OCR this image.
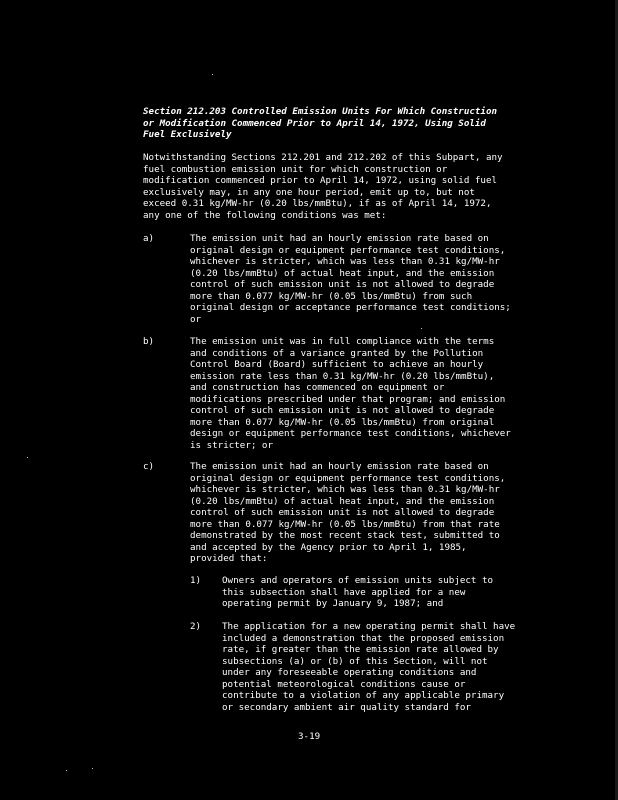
Section 212.203 Controlled Emission Units For Which Construction
or Modification Commenced Prior to April 14, 1972, Using Solid
Fuel Exclusively
Notwithstanding Sections 212.201 and 212.202 of this Subpart, any
fuel combustion emission unit for which construction or
modification commenced prior to April 14, 1972, using solid fuel
exclusively may, in any one hour period, emit up to, but not
exceed 0.31 kg/MW-hr (0.20 lbs/mmBtu), if as of April 14, 1972,
any one of the following conditions was met:
a)	The emission unit had an hourly emission rate based on
original design or equipment performance test conditions,
whichever is stricter, which was less than 0.31 kg/MW-hr
(0.20 lbs/mmBtu) of actual heat input, and the emission
control of such emission unit is not allowed to degrade
more than 0.077 kg/MW-hr (0.05 lbs/mmBtu) from such
original design or acceptance performance test conditions;
or
b)	The emission unit was in full compliance with the terms
and conditions of a variance granted by the Pollution
Control Board (Board) sufficient to achieve an hourly
emission rate less than 0.31 kg/MW-hr (0.20 lbs/mmBtu),
and construction has commenced on equipment or
modifications prescribed under that program; and emission
control of such emission unit is not allowed to degrade
more than 0.077 kg/MW-hr (0.05 lbs/mmBtu) from original
design or equipment performance test conditions, whichever
is stricter; or
c)	The emission unit had an hourly emission rate based on
original design or equipment performance test conditions,
whichever is stricter, which was less than 0.31 kg/MW-hr
(0.20 lbs/mmBtu) of actual heat input, and the emission
control of such emission unit is not allowed to degrade
more than 0.077 kg/MW-hr (0.05 lbs/mmBtu) from that rate
demonstrated by the most recent stack test, submitted to
and accepted by the Agency prior to April 1, 1985,
provided that:
1) Owners and operators of emission units subject to
this subsection shall have applied for a new
operating permit by January 9, 1987; and
2) The application for a new operating permit shall have
included a demonstration that the proposed emission
rate, if greater than the emission rate allowed by
subsections (a) or (b) of this Section, will not
under any foreseeable operating conditions and
potential meteorological conditions cause or
contribute to a violation of any applicable primary
or secondary ambient air quality standard for
3-19
